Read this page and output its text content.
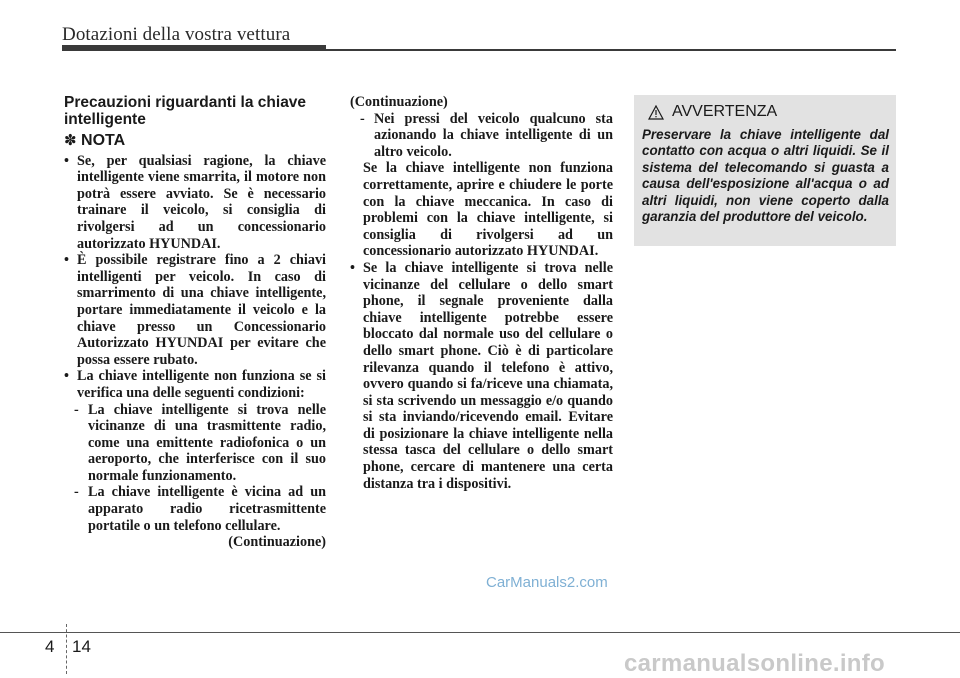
Dotazioni della vostra vettura
Precauzioni riguardanti la chiave intelligente
✽ NOTA
• Se, per qualsiasi ragione, la chiave intelligente viene smarrita, il motore non potrà essere avviato. Se è necessario trainare il veicolo, si consiglia di rivolgersi ad un concessionario autorizzato HYUNDAI.
• È possibile registrare fino a 2 chiavi intelligenti per veicolo. In caso di smarrimento di una chiave intelligente, portare immediatamente il veicolo e la chiave presso un Concessionario Autorizzato HYUNDAI per evitare che possa essere rubato.
• La chiave intelligente non funziona se si verifica una delle seguenti condizioni:
- La chiave intelligente si trova nelle vicinanze di una trasmittente radio, come una emittente radiofonica o un aeroporto, che interferisce con il suo normale funzionamento.
- La chiave intelligente è vicina ad un apparato radio ricetrasmittente portatile o un telefono cellulare.
(Continuazione)
(Continuazione)
- Nei pressi del veicolo qualcuno sta azionando la chiave intelligente di un altro veicolo.
Se la chiave intelligente non funziona correttamente, aprire e chiudere le porte con la chiave meccanica. In caso di problemi con la chiave intelligente, si consiglia di rivolgersi ad un concessionario autorizzato HYUNDAI.
• Se la chiave intelligente si trova nelle vicinanze del cellulare o dello smart phone, il segnale proveniente dalla chiave intelligente potrebbe essere bloccato dal normale uso del cellulare o dello smart phone. Ciò è di particolare rilevanza quando il telefono è attivo, ovvero quando si fa/riceve una chiamata, si sta scrivendo un messaggio e/o quando si sta inviando/ricevendo email. Evitare di posizionare la chiave intelligente nella stessa tasca del cellulare o dello smart phone, cercare di mantenere una certa distanza tra i dispositivi.
AVVERTENZA
Preservare la chiave intelligente dal contatto con acqua o altri liquidi. Se il sistema del telecomando si guasta a causa dell'esposizione all'acqua o ad altri liquidi, non viene coperto dalla garanzia del produttore del veicolo.
CarManuals2.com
4 14
carmanualsonline.info
